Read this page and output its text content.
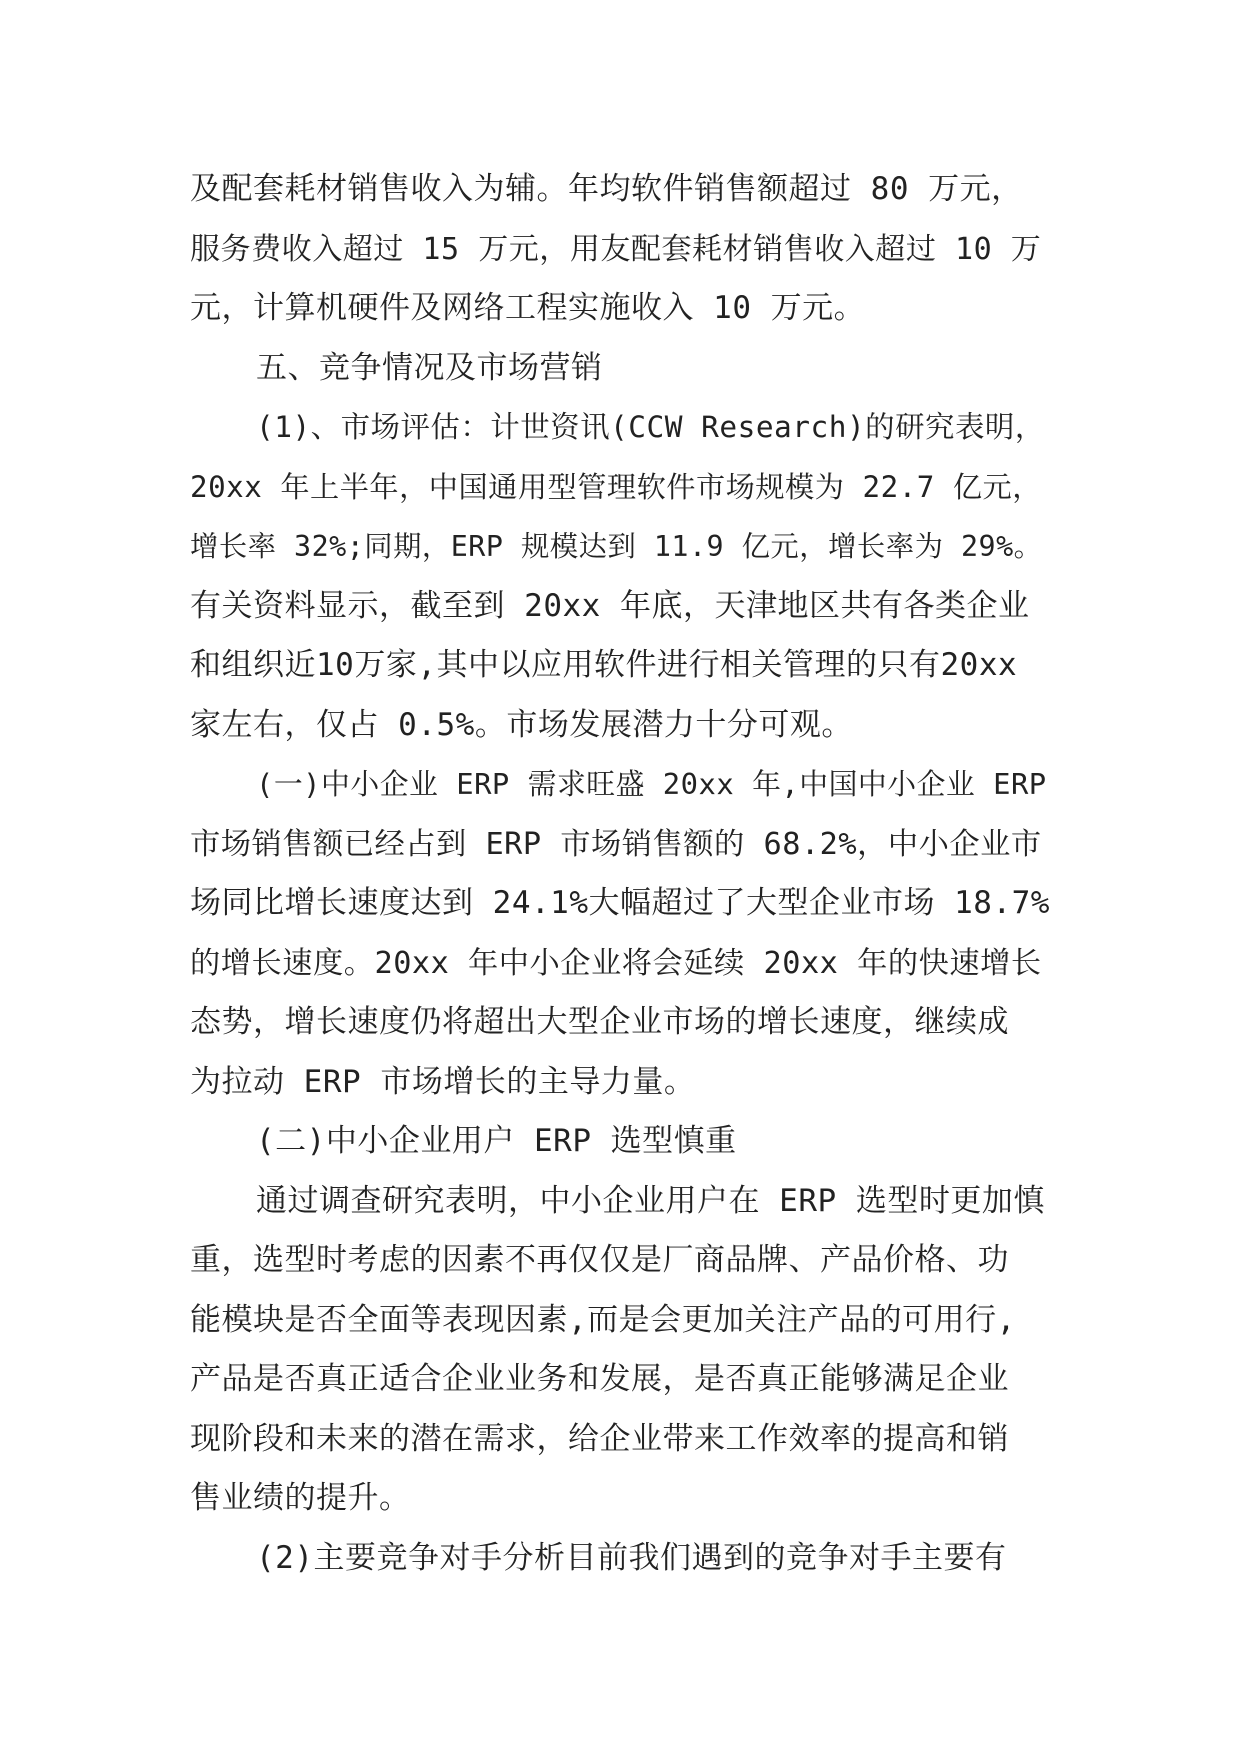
及配套耗材销售收入为辅。年均软件销售额超过 80 万元，
服务费收入超过 15 万元，用友配套耗材销售收入超过 10 万
元，计算机硬件及网络工程实施收入 10 万元。
五、竞争情况及市场营销
(1)、市场评估：计世资讯(CCW Research)的研究表明，
20xx 年上半年，中国通用型管理软件市场规模为 22.7 亿元，
增长率 32%;同期，ERP 规模达到 11.9 亿元，增长率为 29%。
有关资料显示，截至到 20xx 年底，天津地区共有各类企业
和组织近10万家,其中以应用软件进行相关管理的只有20xx
家左右，仅占 0.5%。市场发展潜力十分可观。
(一)中小企业 ERP 需求旺盛 20xx 年,中国中小企业 ERP
市场销售额已经占到 ERP 市场销售额的 68.2%，中小企业市
场同比增长速度达到 24.1%大幅超过了大型企业市场 18.7%
的增长速度。20xx 年中小企业将会延续 20xx 年的快速增长
态势，增长速度仍将超出大型企业市场的增长速度，继续成
为拉动 ERP 市场增长的主导力量。
(二)中小企业用户 ERP 选型慎重
通过调查研究表明，中小企业用户在 ERP 选型时更加慎
重，选型时考虑的因素不再仅仅是厂商品牌、产品价格、功
能模块是否全面等表现因素,而是会更加关注产品的可用行,
产品是否真正适合企业业务和发展，是否真正能够满足企业
现阶段和未来的潜在需求，给企业带来工作效率的提高和销
售业绩的提升。
(2)主要竞争对手分析目前我们遇到的竞争对手主要有
